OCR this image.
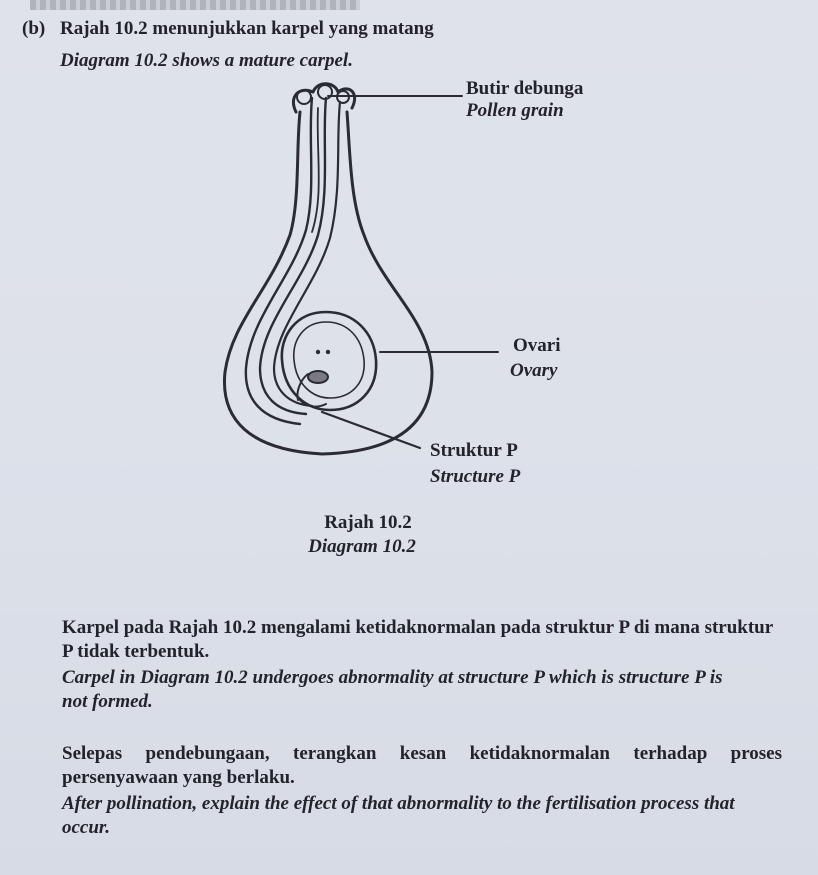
(b) Rajah 10.2 menunjukkan karpel yang matang
Diagram 10.2 shows a mature carpel.
Butir debunga
Pollen grain
Ovari
Ovary
Struktur P
Structure P
Rajah 10.2
Diagram 10.2
Karpel pada Rajah 10.2 mengalami ketidaknormalan pada struktur P di mana struktur
P tidak terbentuk.
Carpel in Diagram 10.2 undergoes abnormality at structure P which is structure P is
not formed.
Selepas pendebungaan, terangkan kesan ketidaknormalan terhadap proses
persenyawaan yang berlaku.
After pollination, explain the effect of that abnormality to the fertilisation process that
occur.
